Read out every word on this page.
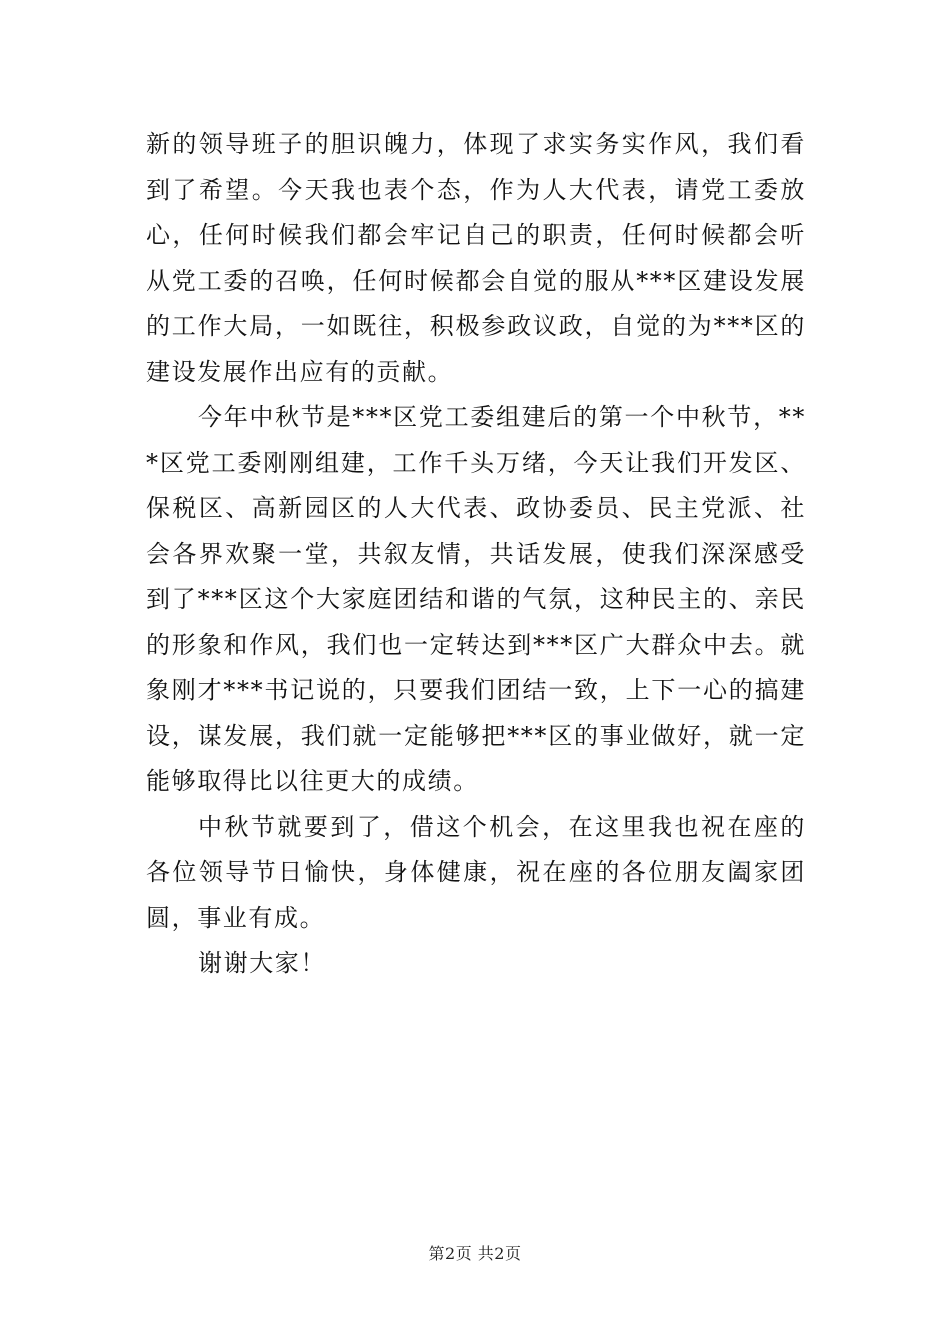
新的领导班子的胆识魄力，体现了求实务实作风，我们看到了希望。今天我也表个态，作为人大代表，请党工委放心，任何时候我们都会牢记自己的职责，任何时候都会听从党工委的召唤，任何时候都会自觉的服从***区建设发展的工作大局，一如既往，积极参政议政，自觉的为***区的建设发展作出应有的贡献。

今年中秋节是***区党工委组建后的第一个中秋节，***区党工委刚刚组建，工作千头万绪，今天让我们开发区、保税区、高新园区的人大代表、政协委员、民主党派、社会各界欢聚一堂，共叙友情，共话发展，使我们深深感受到了***区这个大家庭团结和谐的气氛，这种民主的、亲民的形象和作风，我们也一定转达到***区广大群众中去。就象刚才***书记说的，只要我们团结一致，上下一心的搞建设，谋发展，我们就一定能够把***区的事业做好，就一定能够取得比以往更大的成绩。

中秋节就要到了，借这个机会，在这里我也祝在座的各位领导节日愉快，身体健康，祝在座的各位朋友阖家团圆，事业有成。

谢谢大家！

第2页 共2页
